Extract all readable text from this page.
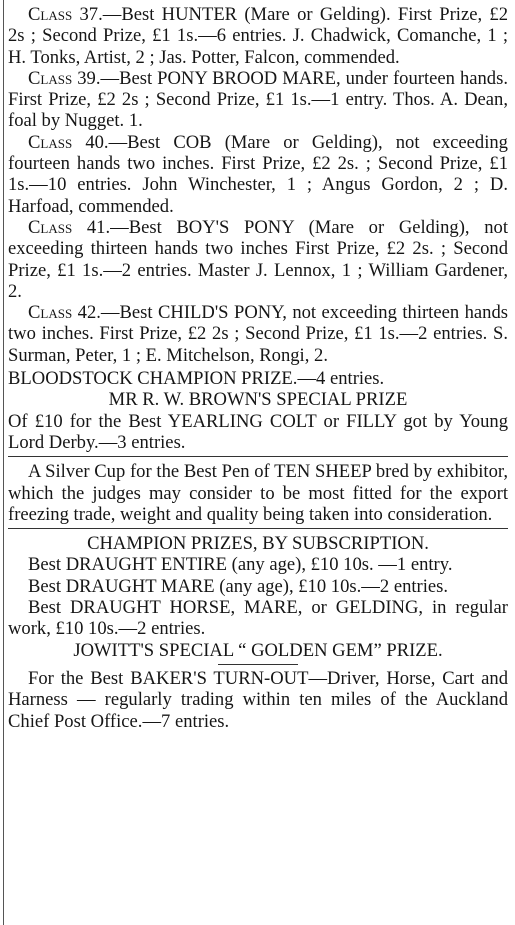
Class 37.—Best HUNTER (Mare or Gelding). First Prize, £2 2s ; Second Prize, £1 1s.—6 entries. J. Chadwick, Comanche, 1 ; H. Tonks, Artist, 2 ; Jas. Potter, Falcon, commended.

Class 39.—Best PONY BROOD MARE, under fourteen hands. First Prize, £2 2s ; Second Prize, £1 1s.—1 entry. Thos. A. Dean, foal by Nugget. 1.

Class 40.—Best COB (Mare or Gelding), not exceeding fourteen hands two inches. First Prize, £2 2s. ; Second Prize, £1 1s.—10 entries. John Winchester, 1 ; Angus Gordon, 2 ; D. Harfoad, commended.

Class 41.—Best BOY'S PONY (Mare or Gelding), not exceeding thirteen hands two inches First Prize, £2 2s. ; Second Prize, £1 1s.—2 entries. Master J. Lennox, 1 ; William Gardener, 2.

Class 42.—Best CHILD'S PONY, not exceeding thirteen hands two inches. First Prize, £2 2s ; Second Prize, £1 1s.—2 entries. S. Surman, Peter, 1 ; E. Mitchelson, Rongi, 2.

BLOODSTOCK CHAMPION PRIZE.—4 entries.

MR R. W. BROWN'S SPECIAL PRIZE

Of £10 for the Best YEARLING COLT or FILLY got by Young Lord Derby.—3 entries.

A Silver Cup for the Best Pen of TEN SHEEP bred by exhibitor, which the judges may consider to be most fitted for the export freezing trade, weight and quality being taken into consideration.

CHAMPION PRIZES, BY SUBSCRIPTION.

Best DRAUGHT ENTIRE (any age), £10 10s. —1 entry.

Best DRAUGHT MARE (any age), £10 10s.—2 entries.

Best DRAUGHT HORSE, MARE, or GELDING, in regular work, £10 10s.—2 entries.

JOWITT'S SPECIAL “ GOLDEN GEM” PRIZE.

For the Best BAKER'S TURN-OUT—Driver, Horse, Cart and Harness — regularly trading within ten miles of the Auckland Chief Post Office.—7 entries.
